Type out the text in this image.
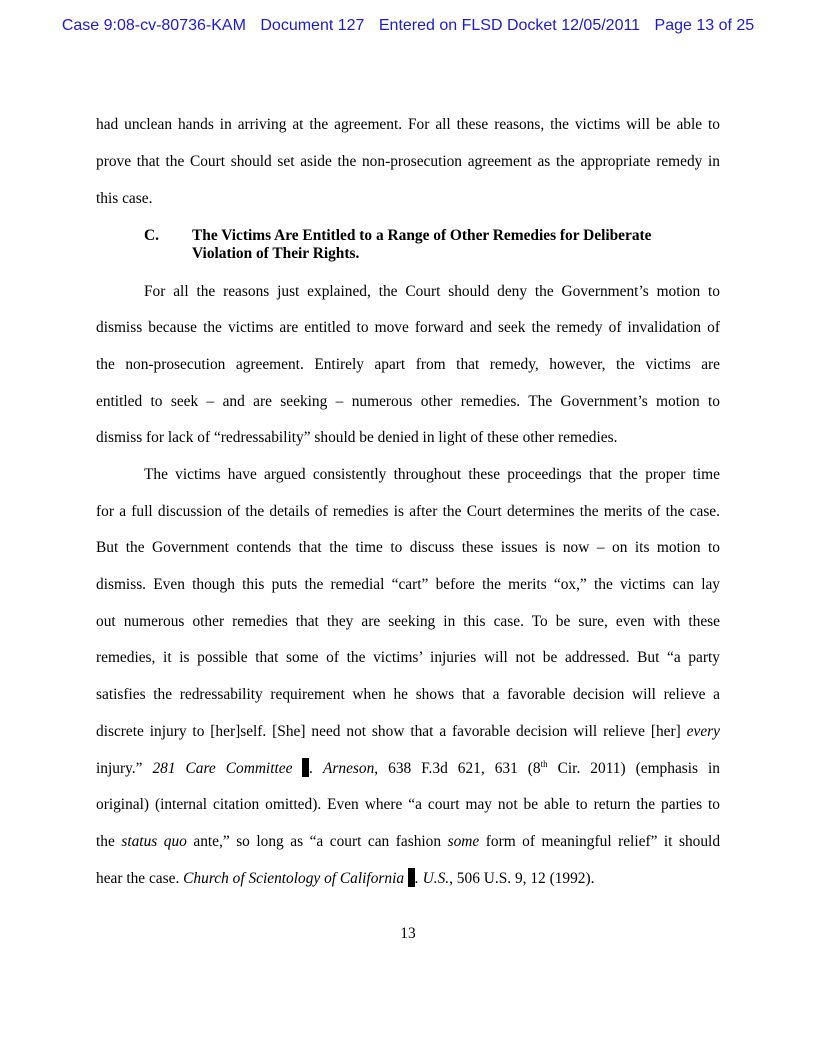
Case 9:08-cv-80736-KAM Document 127 Entered on FLSD Docket 12/05/2011 Page 13 of 25
had unclean hands in arriving at the agreement. For all these reasons, the victims will be able to
prove that the Court should set aside the non-prosecution agreement as the appropriate remedy in
this case.
C. The Victims Are Entitled to a Range of Other Remedies for Deliberate
Violation of Their Rights.
For all the reasons just explained, the Court should deny the Government’s motion to
dismiss because the victims are entitled to move forward and seek the remedy of invalidation of
the non-prosecution agreement. Entirely apart from that remedy, however, the victims are
entitled to seek – and are seeking – numerous other remedies. The Government’s motion to
dismiss for lack of “redressability” should be denied in light of these other remedies.
The victims have argued consistently throughout these proceedings that the proper time
for a full discussion of the details of remedies is after the Court determines the merits of the case.
But the Government contends that the time to discuss these issues is now – on its motion to
dismiss. Even though this puts the remedial “cart” before the merits “ox,” the victims can lay
out numerous other remedies that they are seeking in this case. To be sure, even with these
remedies, it is possible that some of the victims’ injuries will not be addressed. But “a party
satisfies the redressability requirement when he shows that a favorable decision will relieve a
discrete injury to [her]self. [She] need not show that a favorable decision will relieve [her] every
injury.” 281 Care Committee . Arneson, 638 F.3d 621, 631 (8th Cir. 2011) (emphasis in
original) (internal citation omitted). Even where “a court may not be able to return the parties to
the status quo ante,” so long as “a court can fashion some form of meaningful relief” it should
hear the case. Church of Scientology of California . U.S., 506 U.S. 9, 12 (1992).
13
